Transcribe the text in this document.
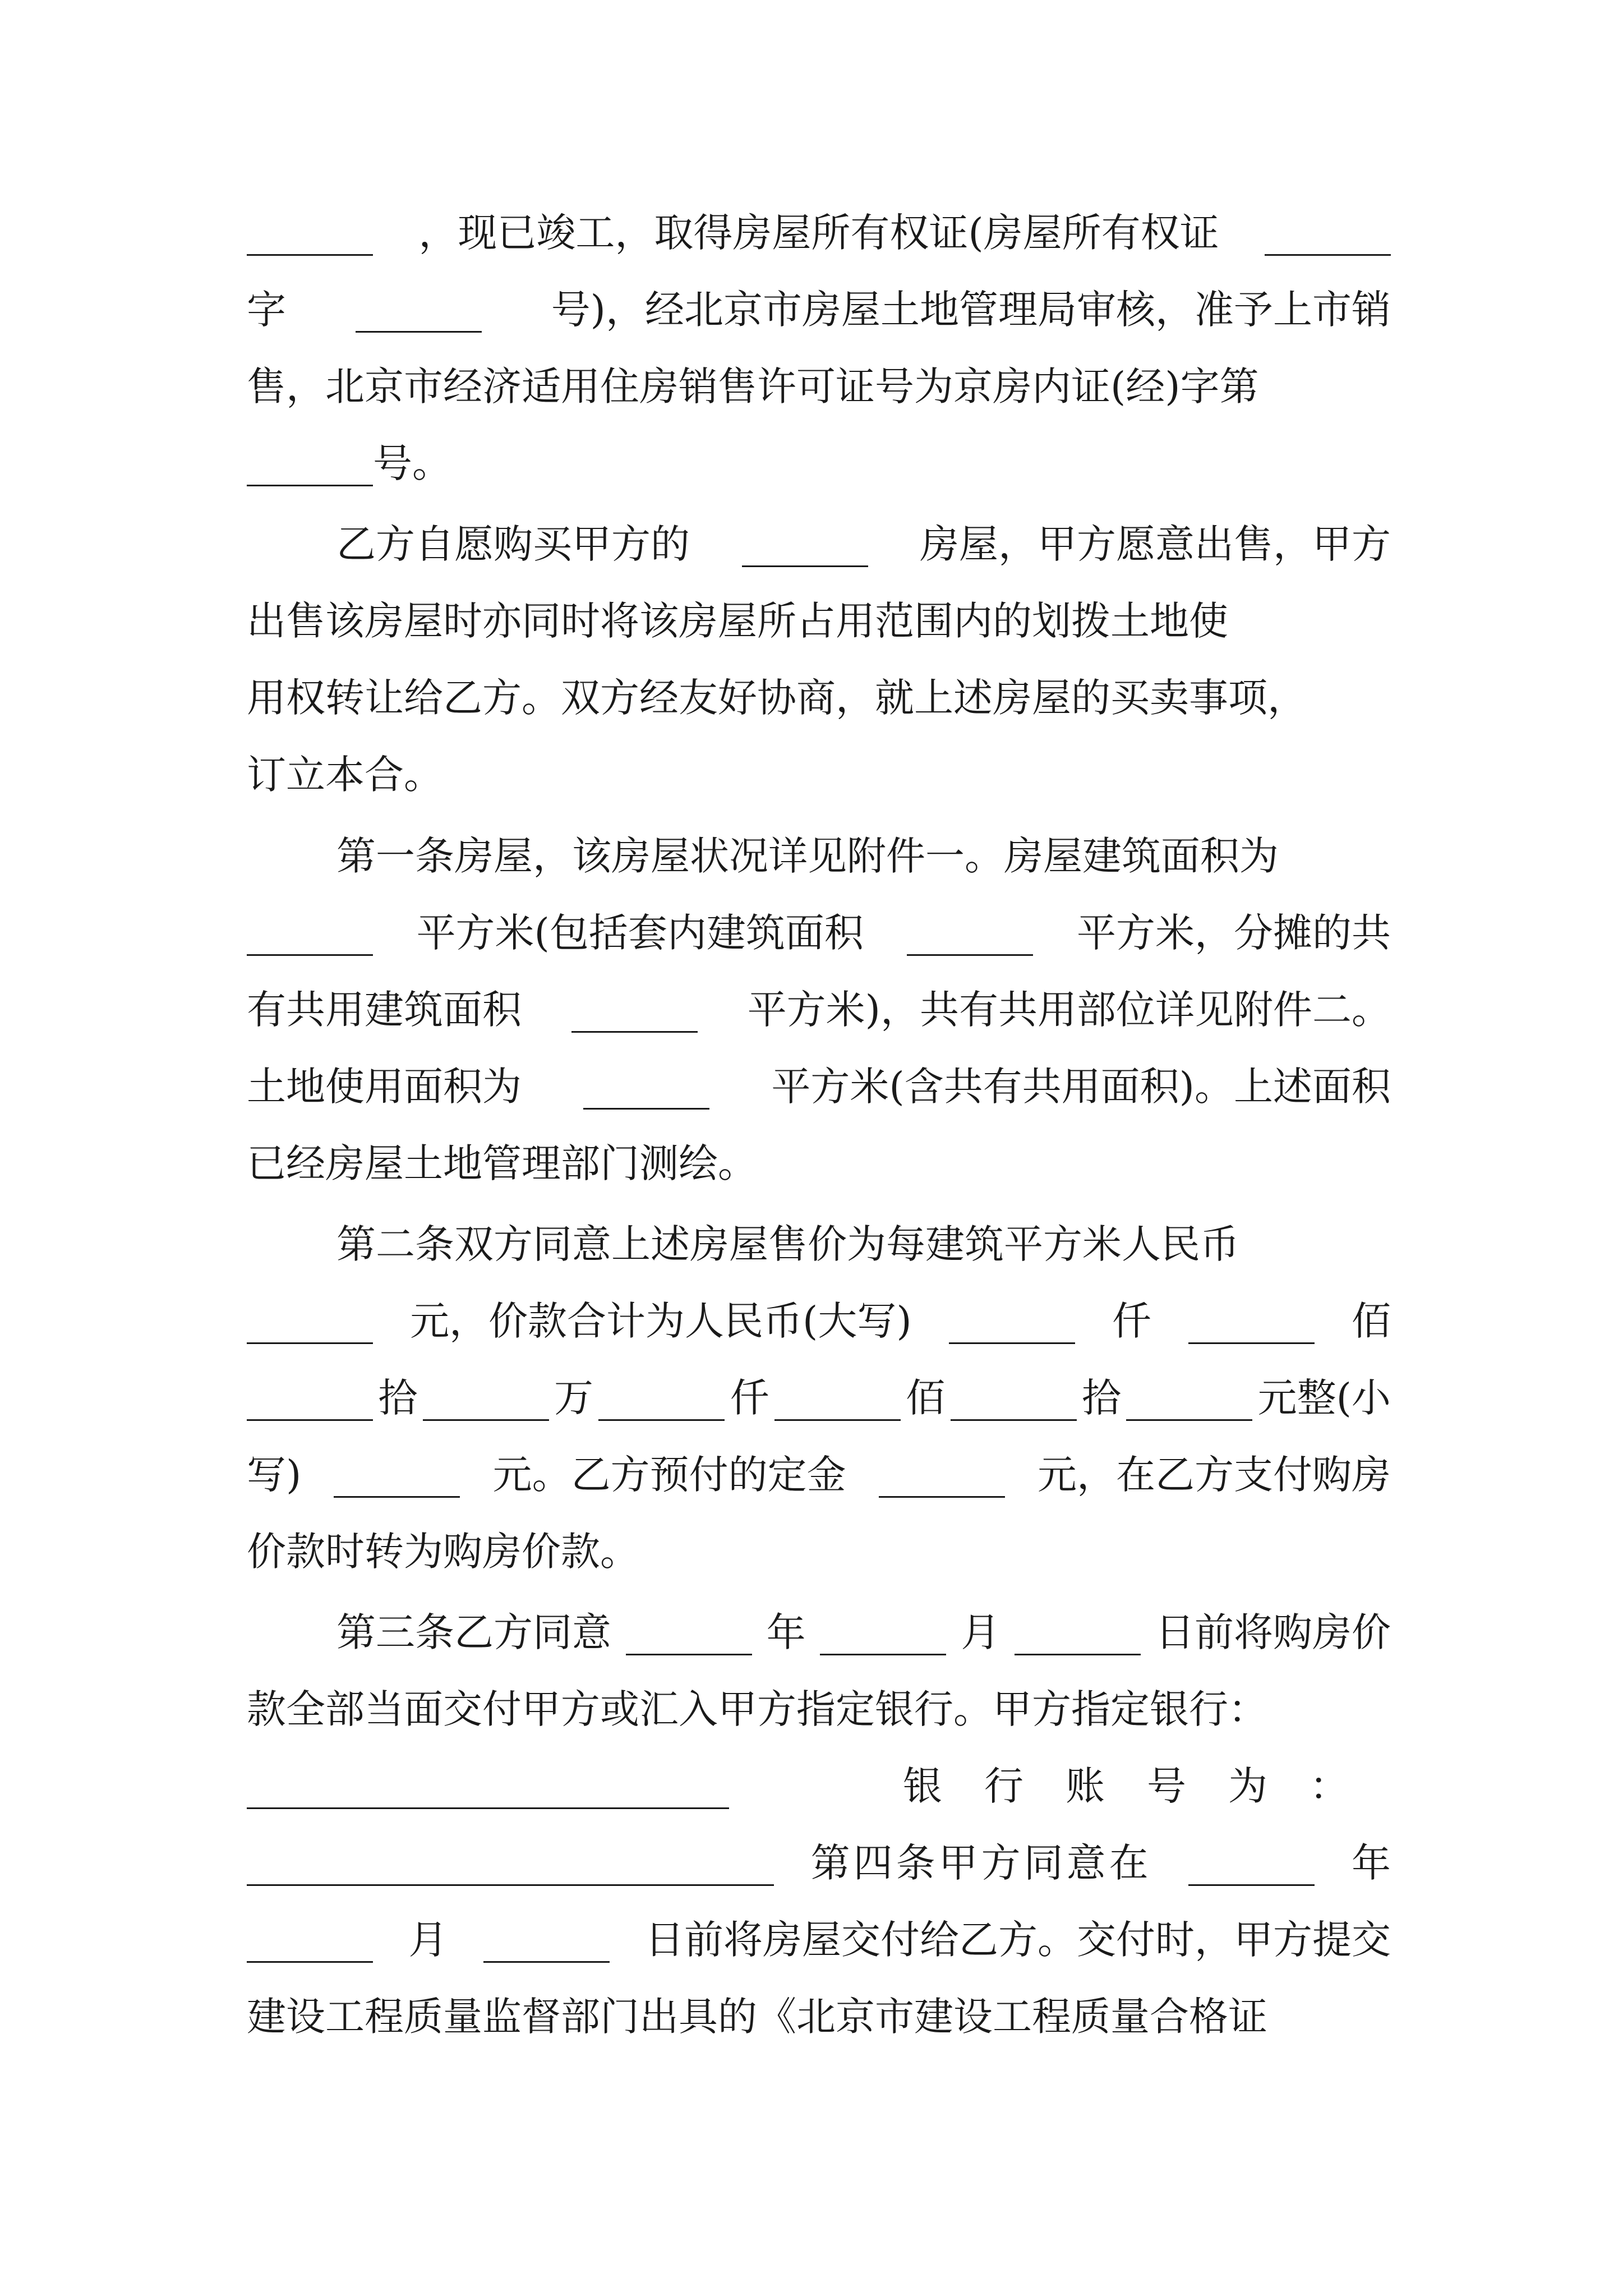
，现已竣工，取得房屋所有权证(房屋所有权证
字	号)，经北京市房屋土地管理局审核，准予上市销
售，北京市经济适用住房销售许可证号为京房内证(经)字第
号。
乙方自愿购买甲方的	房屋，甲方愿意出售，甲方
出售该房屋时亦同时将该房屋所占用范围内的划拨土地使
用权转让给乙方。双方经友好协商，就上述房屋的买卖事项，
订立本合。
第一条房屋，该房屋状况详见附件一。房屋建筑面积为
平方米(包括套内建筑面积	平方米，分摊的共
有共用建筑面积	平方米)，共有共用部位详见附件二。
土地使用面积为	平方米(含共有共用面积)。上述面积
已经房屋土地管理部门测绘。
第二条双方同意上述房屋售价为每建筑平方米人民币
元，价款合计为人民币(大写)	仟	佰
拾	万	仟	佰	拾	元整(小
写)	元。乙方预付的定金	元，在乙方支付购房
价款时转为购房价款。
第三条乙方同意	年	月	日前将购房价
款全部当面交付甲方或汇入甲方指定银行。甲方指定银行：
银行账号为：
第四条甲方同意在	年
月	日前将房屋交付给乙方。交付时，甲方提交
建设工程质量监督部门出具的《北京市建设工程质量合格证
